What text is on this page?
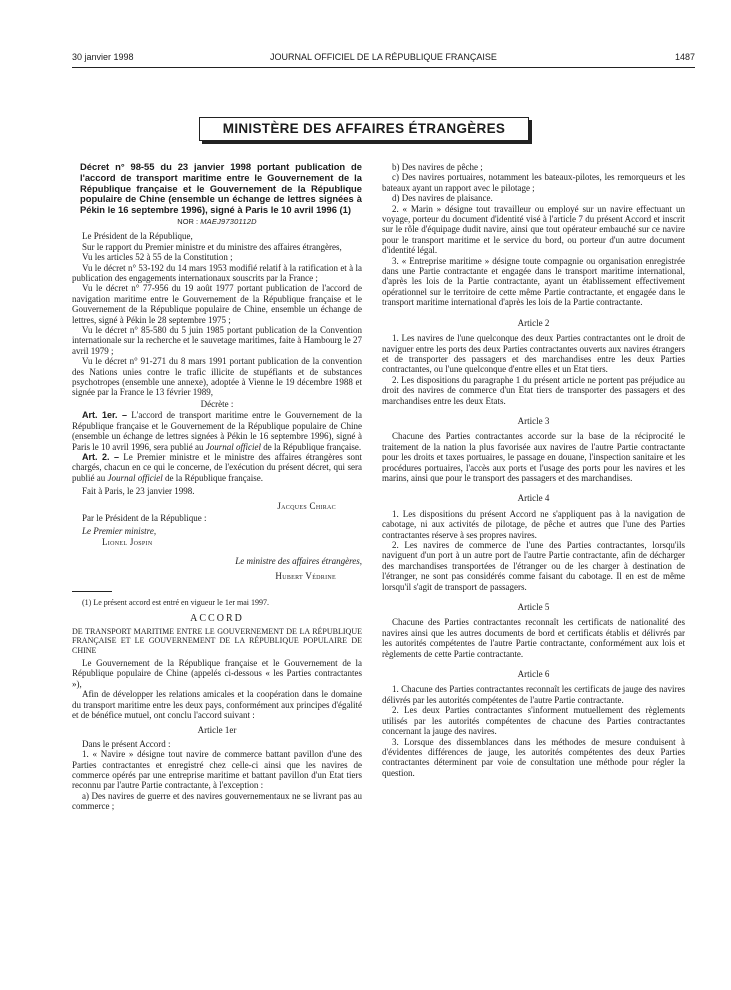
30 janvier 1998	JOURNAL OFFICIEL DE LA RÉPUBLIQUE FRANÇAISE	1487
MINISTÈRE DES AFFAIRES ÉTRANGÈRES

Décret n° 98-55 du 23 janvier 1998 portant publication de l'accord de transport maritime entre le Gouvernement de la République française et le Gouvernement de la République populaire de Chine (ensemble un échange de lettres signées à Pékin le 16 septembre 1996), signé à Paris le 10 avril 1996 (1)

NOR : MAEJ9730112D

Le Président de la République,

Sur le rapport du Premier ministre et du ministre des affaires étrangères,

Vu les articles 52 à 55 de la Constitution ;

Vu le décret n° 53-192 du 14 mars 1953 modifié relatif à la ratification et à la publication des engagements internationaux souscrits par la France ;

Vu le décret n° 77-956 du 19 août 1977 portant publication de l'accord de navigation maritime entre le Gouvernement de la République française et le Gouvernement de la République populaire de Chine, ensemble un échange de lettres, signé à Pékin le 28 septembre 1975 ;

Vu le décret n° 85-580 du 5 juin 1985 portant publication de la Convention internationale sur la recherche et le sauvetage maritimes, faite à Hambourg le 27 avril 1979 ;

Vu le décret n° 91-271 du 8 mars 1991 portant publication de la convention des Nations unies contre le trafic illicite de stupéfiants et de substances psychotropes (ensemble une annexe), adoptée à Vienne le 19 décembre 1988 et signée par la France le 13 février 1989,

Décrète :

Art. 1er. – L'accord de transport maritime entre le Gouvernement de la République française et le Gouvernement de la République populaire de Chine (ensemble un échange de lettres signées à Pékin le 16 septembre 1996), signé à Paris le 10 avril 1996, sera publié au Journal officiel de la République française.

Art. 2. – Le Premier ministre et le ministre des affaires étrangères sont chargés, chacun en ce qui le concerne, de l'exécution du présent décret, qui sera publié au Journal officiel de la République française.

Fait à Paris, le 23 janvier 1998.

Jacques Chirac

Par le Président de la République :

Le Premier ministre,

Lionel Jospin

Le ministre des affaires étrangères,

Hubert Védrine

(1) Le présent accord est entré en vigueur le 1er mai 1997.

ACCORD

DE TRANSPORT MARITIME ENTRE LE GOUVERNEMENT DE LA RÉPUBLIQUE FRANÇAISE ET LE GOUVERNEMENT DE LA RÉPUBLIQUE POPULAIRE DE CHINE

Le Gouvernement de la République française et le Gouvernement de la République populaire de Chine (appelés ci-dessous « les Parties contractantes »),

Afin de développer les relations amicales et la coopération dans le domaine du transport maritime entre les deux pays, conformément aux principes d'égalité et de bénéfice mutuel, ont conclu l'accord suivant :

Article 1er

Dans le présent Accord :

1. « Navire » désigne tout navire de commerce battant pavillon d'une des Parties contractantes et enregistré chez celle-ci ainsi que les navires de commerce opérés par une entreprise maritime et battant pavillon d'un Etat tiers reconnu par l'autre Partie contractante, à l'exception :

a) Des navires de guerre et des navires gouvernementaux ne se livrant pas au commerce ;

b) Des navires de pêche ;

c) Des navires portuaires, notamment les bateaux-pilotes, les remorqueurs et les bateaux ayant un rapport avec le pilotage ;

d) Des navires de plaisance.

2. « Marin » désigne tout travailleur ou employé sur un navire effectuant un voyage, porteur du document d'identité visé à l'article 7 du présent Accord et inscrit sur le rôle d'équipage dudit navire, ainsi que tout opérateur embauché sur ce navire pour le transport maritime et le service du bord, ou porteur d'un autre document d'identité légal.

3. « Entreprise maritime » désigne toute compagnie ou organisation enregistrée dans une Partie contractante et engagée dans le transport maritime international, d'après les lois de la Partie contractante, ayant un établissement effectivement opérationnel sur le territoire de cette même Partie contractante, et engagée dans le transport maritime international d'après les lois de la Partie contractante.

Article 2

1. Les navires de l'une quelconque des deux Parties contractantes ont le droit de naviguer entre les ports des deux Parties contractantes ouverts aux navires étrangers et de transporter des passagers et des marchandises entre les deux Parties contractantes, ou l'une quelconque d'entre elles et un Etat tiers.

2. Les dispositions du paragraphe 1 du présent article ne portent pas préjudice au droit des navires de commerce d'un Etat tiers de transporter des passagers et des marchandises entre les deux Etats.

Article 3

Chacune des Parties contractantes accorde sur la base de la réciprocité le traitement de la nation la plus favorisée aux navires de l'autre Partie contractante pour les droits et taxes portuaires, le passage en douane, l'inspection sanitaire et les procédures portuaires, l'accès aux ports et l'usage des ports pour les navires et les marins, ainsi que pour le transport des passagers et des marchandises.

Article 4

1. Les dispositions du présent Accord ne s'appliquent pas à la navigation de cabotage, ni aux activités de pilotage, de pêche et autres que l'une des Parties contractantes réserve à ses propres navires.

2. Les navires de commerce de l'une des Parties contractantes, lorsqu'ils naviguent d'un port à un autre port de l'autre Partie contractante, afin de décharger des marchandises transportées de l'étranger ou de les charger à destination de l'étranger, ne sont pas considérés comme faisant du cabotage. Il en est de même lorsqu'il s'agit de transport de passagers.

Article 5

Chacune des Parties contractantes reconnaît les certificats de nationalité des navires ainsi que les autres documents de bord et certificats établis et délivrés par les autorités compétentes de l'autre Partie contractante, conformément aux lois et règlements de cette Partie contractante.

Article 6

1. Chacune des Parties contractantes reconnaît les certificats de jauge des navires délivrés par les autorités compétentes de l'autre Partie contractante.

2. Les deux Parties contractantes s'informent mutuellement des règlements utilisés par les autorités compétentes de chacune des Parties contractantes concernant la jauge des navires.

3. Lorsque des dissemblances dans les méthodes de mesure conduisent à d'évidentes différences de jauge, les autorités compétentes des deux Parties contractantes déterminent par voie de consultation une méthode pour régler la question.
